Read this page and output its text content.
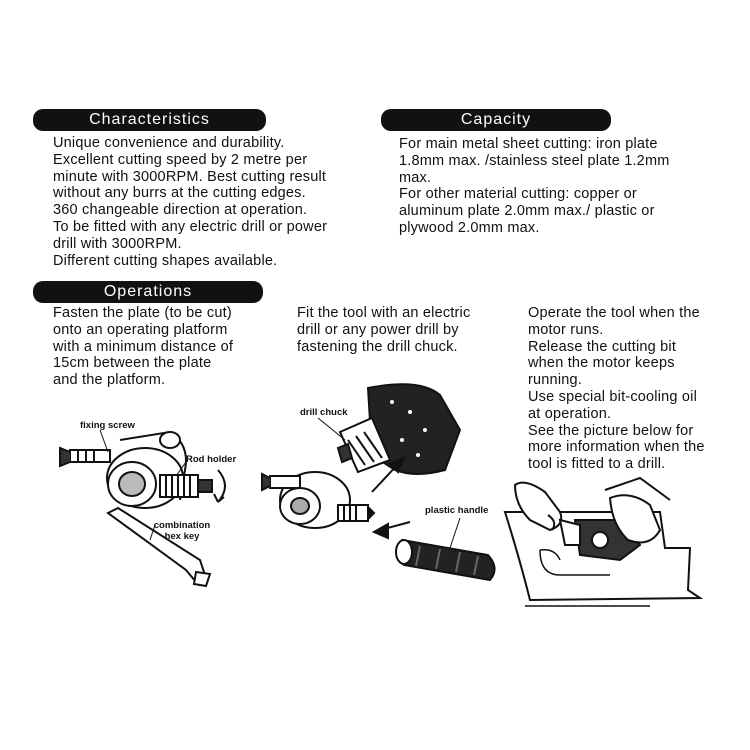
Characteristics	Capacity
Operations
Unique convenience and durability.
Excellent cutting speed by 2 metre per
minute with 3000RPM. Best cutting result
without any burrs at the cutting edges.
360 changeable direction at operation.
To be fitted with any electric drill or power
drill with 3000RPM.
Different cutting shapes available.
For main metal sheet cutting: iron plate
1.8mm max. /stainless steel plate 1.2mm
max.
For other material cutting: copper or
aluminum plate 2.0mm max./ plastic or
plywood 2.0mm max.
Fasten the plate (to be cut)
onto an operating platform
with a minimum distance of
15cm between the plate
and the platform.
Fit the tool with an electric
drill or any power drill by
fastening the drill chuck.
Operate the tool when the
motor runs.
Release the cutting bit
when the motor keeps
running.
Use special bit-cooling oil
at operation.
See the picture below for
more information when the
tool is fitted to a drill.
fixing screw
Rod holder
combination hex key
drill chuck
plastic handle
